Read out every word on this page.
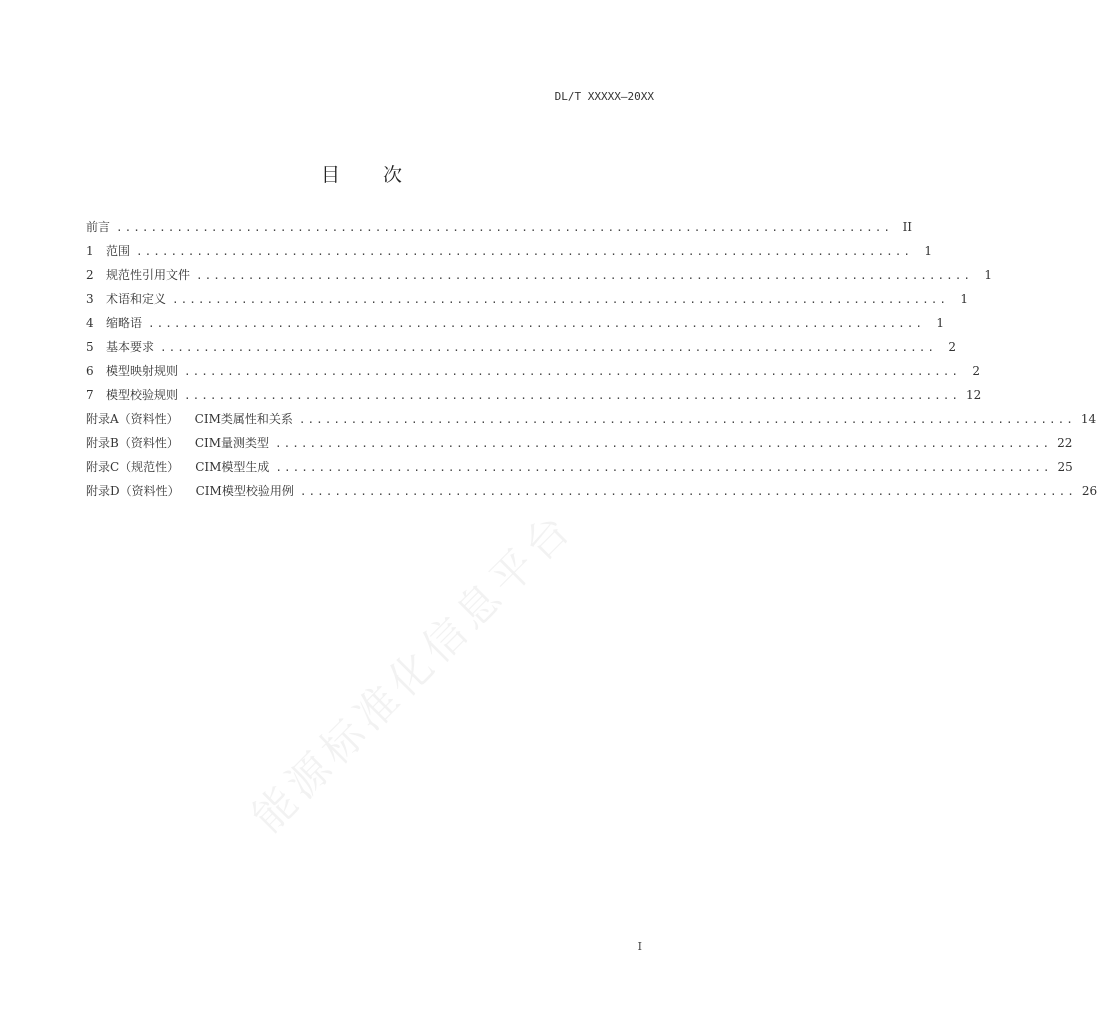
DL/T XXXXX—20XX
目 次
前言 .......................................................................................... II
1	范围 ..........................................................................................	1
2	规范性引用文件 ..........................................................................................	1
3	术语和定义 ..........................................................................................	1
4	缩略语 ..........................................................................................	1
5	基本要求 ..........................................................................................	2
6	模型映射规则 ..........................................................................................	2
7	模型校验规则 .......................................................................................... 12
附录A（资料性） CIM类属性和关系 .......................................................................................... 14
附录B（资料性） CIM量测类型 .......................................................................................... 22
附录C（规范性） CIM模型生成 .......................................................................................... 25
附录D（资料性） CIM模型校验用例 .......................................................................................... 26
能源标准化信息平台
I
